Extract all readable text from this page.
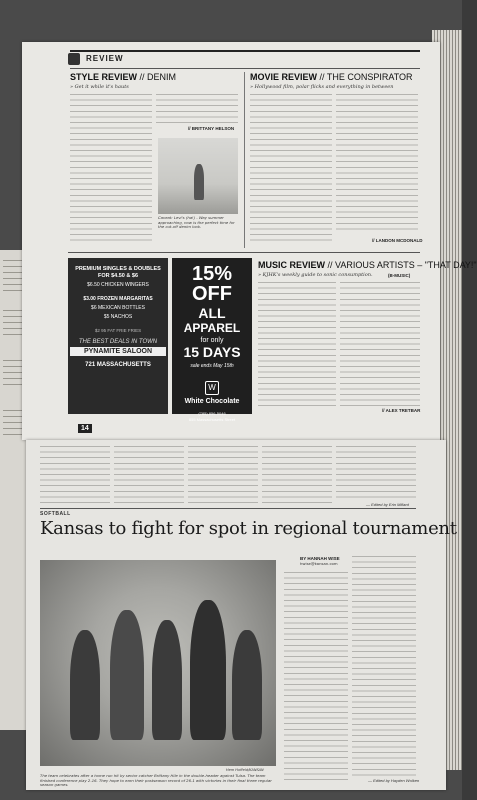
REVIEW
STYLE REVIEW // DENIM
» Get it while it's hauts
// BRITTANY HELSON
Caveat: Levi's (ha!) - Way summer approaching, now is the perfect time for the cut-off denim look.
MOVIE REVIEW // THE CONSPIRATOR
» Hollywood film, polar flicks and everything in between
// LANDON MCDONALD
PREMIUM SINGLES & DOUBLES FOR $4.50 & $6
$6.50 CHICKEN WINGERS
$3.00 FROZEN MARGARITAS
$6 MEXICAN BOTTLES
$5 NACHOS
$2 95 FAT FRIE FRIES
THE BEST DEALS IN TOWN
PYNAMITE SALOON
721 MASSACHUSETTS
15% OFF
ALL
APPAREL
for only
15 DAYS
sale ends May 15th
W
White Chocolate
(785) 856-5046
855 Massachusetts Street
MUSIC REVIEW // VARIOUS ARTISTS – "THAT DAY!"
» KJHK's weekly guide to sonic consumption.	(B-MUSIC)
// ALEX TRETBAR
14
— Edited by Erin Millard
SOFTBALL
Kansas to fight for spot in regional tournament
Hem Hoffeld/KANSAN
The team celebrates after a home run hit by senior catcher Brittany Hile in the double-header against Tulsa. The team finished conference play 2-16. They hope to earn their postseason record of 26-1 with victories in their final three regular season games.
BY HANNAH WISE
hwise@kansan.com
— Edited by Hayden Wolken
